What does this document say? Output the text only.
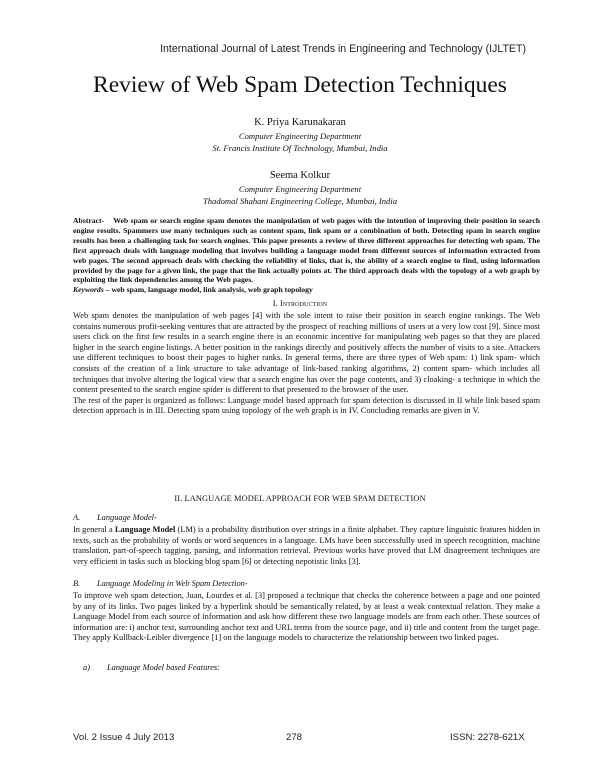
International Journal of Latest Trends in Engineering and Technology (IJLTET)
Review of Web Spam Detection Techniques
K. Priya Karunakaran
Computer Engineering Department
St. Francis Institute Of Technology, Mumbai, India
Seema Kolkur
Computer Engineering Department
Thadomal Shahani Engineering College, Mumbai, India
Abstract-    Web spam or search engine spam denotes the manipulation of web pages with the intention of improving their position in search engine results. Spammers use many techniques such as content spam, link spam or a combination of both. Detecting spam in search engine results has been a challenging task for search engines. This paper presents a review of three different approaches for detecting web spam. The first approach deals with language modeling that involves building a language model from different sources of information extracted from web pages. The second approach deals with checking the reliability of links, that is, the ability of a search engine to find, using information provided by the page for a given link, the page that the link actually points at. The third approach deals with the topology of a web graph by exploiting the link dependencies among the Web pages.
Keywords – web spam, language model, link analysis, web graph topology
I. Introduction

Web spam denotes the manipulation of web pages [4] with the sole intent to raise their position in search engine rankings. The Web contains numerous profit-seeking ventures that are attracted by the prospect of reaching millions of users at a very low cost [9]. Since most users click on the first few results in a search engine there is an economic incentive for manipulating web pages so that they are placed higher in the search engine listings. A better position in the rankings directly and positively affects the number of visits to a site. Attackers use different techniques to boost their pages to higher ranks. In general terms, there are three types of Web spam: 1) link spam- which consists of the creation of a link structure to take advantage of link-based ranking algorithms, 2) content spam- which includes all techniques that involve altering the logical view that a search engine has over the page contents, and 3) cloaking- a technique in which the content presented to the search engine spider is different to that presented to the browser of the user.

The rest of the paper is organized as follows: Language model based approach for spam detection is discussed in II while link based spam detection approach is in III. Detecting spam using topology of the web graph is in IV. Concluding remarks are given in V.

II. LANGUAGE MODEL APPROACH FOR WEB SPAM DETECTION
A. Language Model-
In general a Language Model (LM) is a probability distribution over strings in a finite alphabet. They capture linguistic features hidden in texts, such as the probability of words or word sequences in a language. LMs have been successfully used in speech recognition, machine translation, part-of-speech tagging, parsing, and information retrieval. Previous works have proved that LM disagreement techniques are very efficient in tasks such as blocking blog spam [6] or detecting nepotistic links [3].
B. Language Modeling in Web Spam Detection-
To improve web spam detection, Juan, Lourdes et al. [3] proposed a technique that checks the coherence between a page and one pointed by any of its links. Two pages linked by a hyperlink should be semantically related, by at least a weak contextual relation. They make a Language Model from each source of information and ask how different these two language models are from each other. These sources of information are: i) anchor text, surrounding anchor text and URL terms from the source page, and ii) title and content from the target page. They apply Kullback-Leibler divergence [1] on the language models to characterize the relationship between two linked pages.
a) Language Model based Features:
Vol. 2 Issue 4 July 2013	278	ISSN: 2278-621X
